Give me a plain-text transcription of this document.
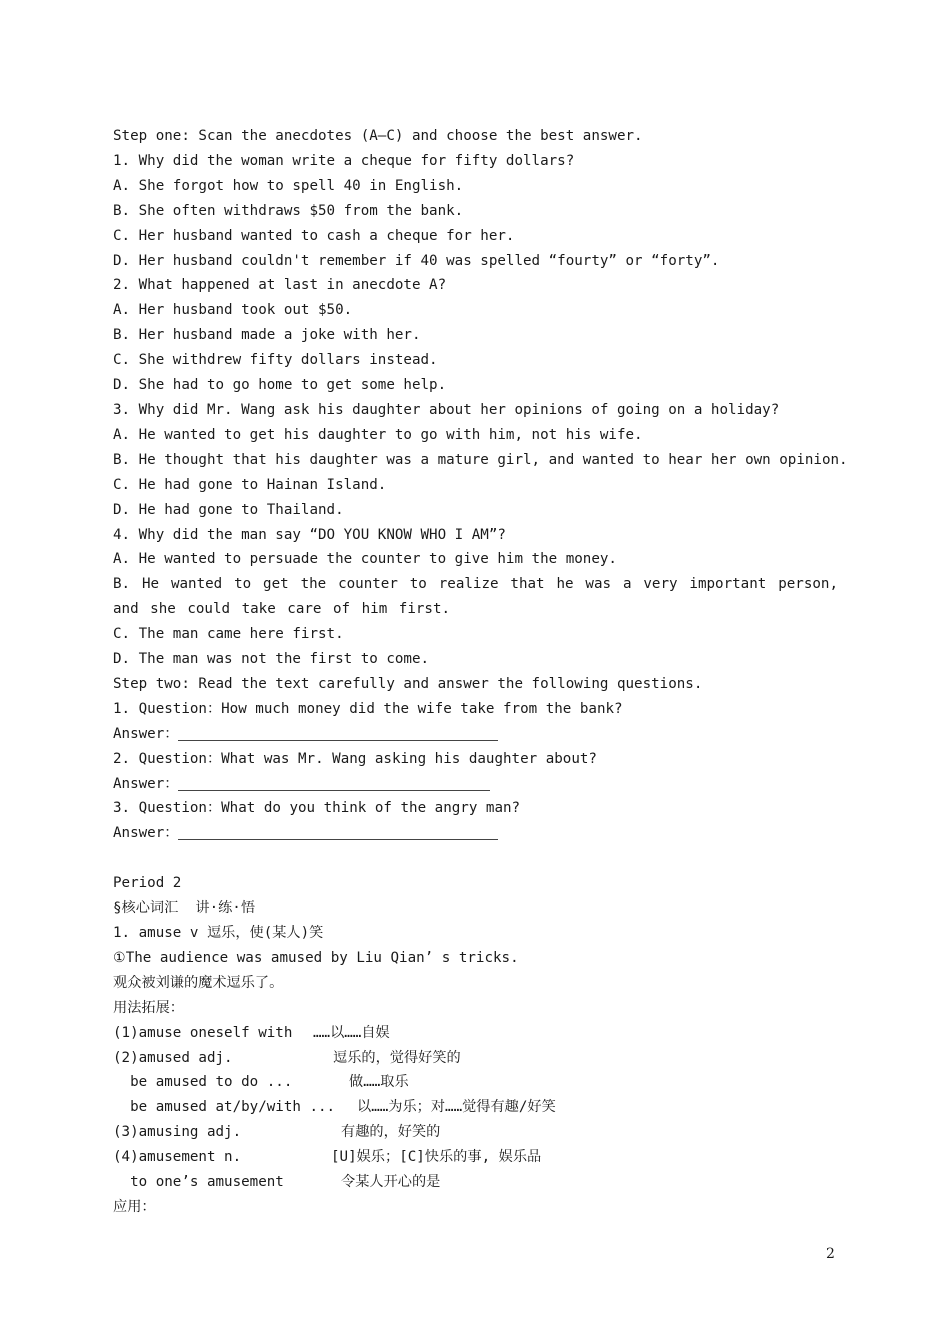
Step one: Scan the anecdotes (A—C) and choose the best answer.
1. Why did the woman write a cheque for fifty dollars?
A. She forgot how to spell 40 in English.
B. She often withdraws $50 from the bank.
C. Her husband wanted to cash a cheque for her.
D. Her husband couldn't remember if 40 was spelled “fourty” or “forty”.
2. What happened at last in anecdote A?
A. Her husband took out $50.
B. Her husband made a joke with her.
C. She withdrew fifty dollars instead.
D. She had to go home to get some help.
3. Why did Mr. Wang ask his daughter about her opinions of going on a holiday?
A. He wanted to get his daughter to go with him, not his wife.
B. He thought that his daughter was a mature girl, and wanted to hear her own opinion.
C. He had gone to Hainan Island.
D. He had gone to Thailand.
4. Why did the man say “DO YOU KNOW WHO I AM”?
A. He wanted to persuade the counter to give him the money.
B. He wanted to get the counter to realize that he was a very important person, and she could take care of him first.
C. The man came here first.
D. The man was not the first to come.
Step two: Read the text carefully and answer the following questions.
1. Question：How much money did the wife take from the bank?
Answer：
2. Question：What was Mr. Wang asking his daughter about?
Answer：
3. Question：What do you think of the angry man?
Answer：
Period 2
§核心词汇  讲·练·悟
1. amuse v 逗乐，使(某人)笑
①The audience was amused by Liu Qian’ s tricks.
观众被刘谦的魔术逗乐了。
用法拓展：
(1)amuse oneself with	……以……自娱
(2)amused adj.	逗乐的，觉得好笑的
be amused to do ...	做……取乐
be amused at/by/with ...	以……为乐；对……觉得有趣/好笑
(3)amusing adj.	有趣的，好笑的
(4)amusement n.	[U]娱乐；[C]快乐的事, 娱乐品
to one’s amusement	令某人开心的是
应用：
2
